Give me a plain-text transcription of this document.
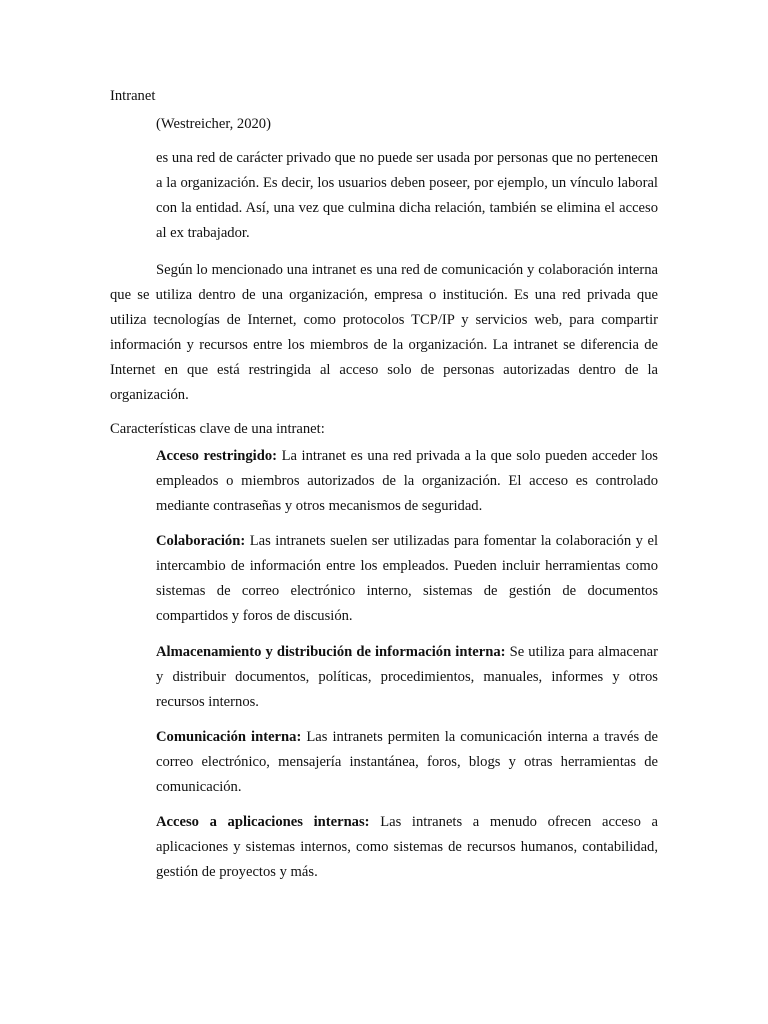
Intranet

(Westreicher, 2020)

es una red de carácter privado que no puede ser usada por personas que no pertenecen a la organización. Es decir, los usuarios deben poseer, por ejemplo, un vínculo laboral con la entidad. Así, una vez que culmina dicha relación, también se elimina el acceso al ex trabajador.

Según lo mencionado una intranet es una red de comunicación y colaboración interna que se utiliza dentro de una organización, empresa o institución. Es una red privada que utiliza tecnologías de Internet, como protocolos TCP/IP y servicios web, para compartir información y recursos entre los miembros de la organización. La intranet se diferencia de Internet en que está restringida al acceso solo de personas autorizadas dentro de la organización.

Características clave de una intranet:

Acceso restringido: La intranet es una red privada a la que solo pueden acceder los empleados o miembros autorizados de la organización. El acceso es controlado mediante contraseñas y otros mecanismos de seguridad.

Colaboración: Las intranets suelen ser utilizadas para fomentar la colaboración y el intercambio de información entre los empleados. Pueden incluir herramientas como sistemas de correo electrónico interno, sistemas de gestión de documentos compartidos y foros de discusión.

Almacenamiento y distribución de información interna: Se utiliza para almacenar y distribuir documentos, políticas, procedimientos, manuales, informes y otros recursos internos.

Comunicación interna: Las intranets permiten la comunicación interna a través de correo electrónico, mensajería instantánea, foros, blogs y otras herramientas de comunicación.

Acceso a aplicaciones internas: Las intranets a menudo ofrecen acceso a aplicaciones y sistemas internos, como sistemas de recursos humanos, contabilidad, gestión de proyectos y más.
